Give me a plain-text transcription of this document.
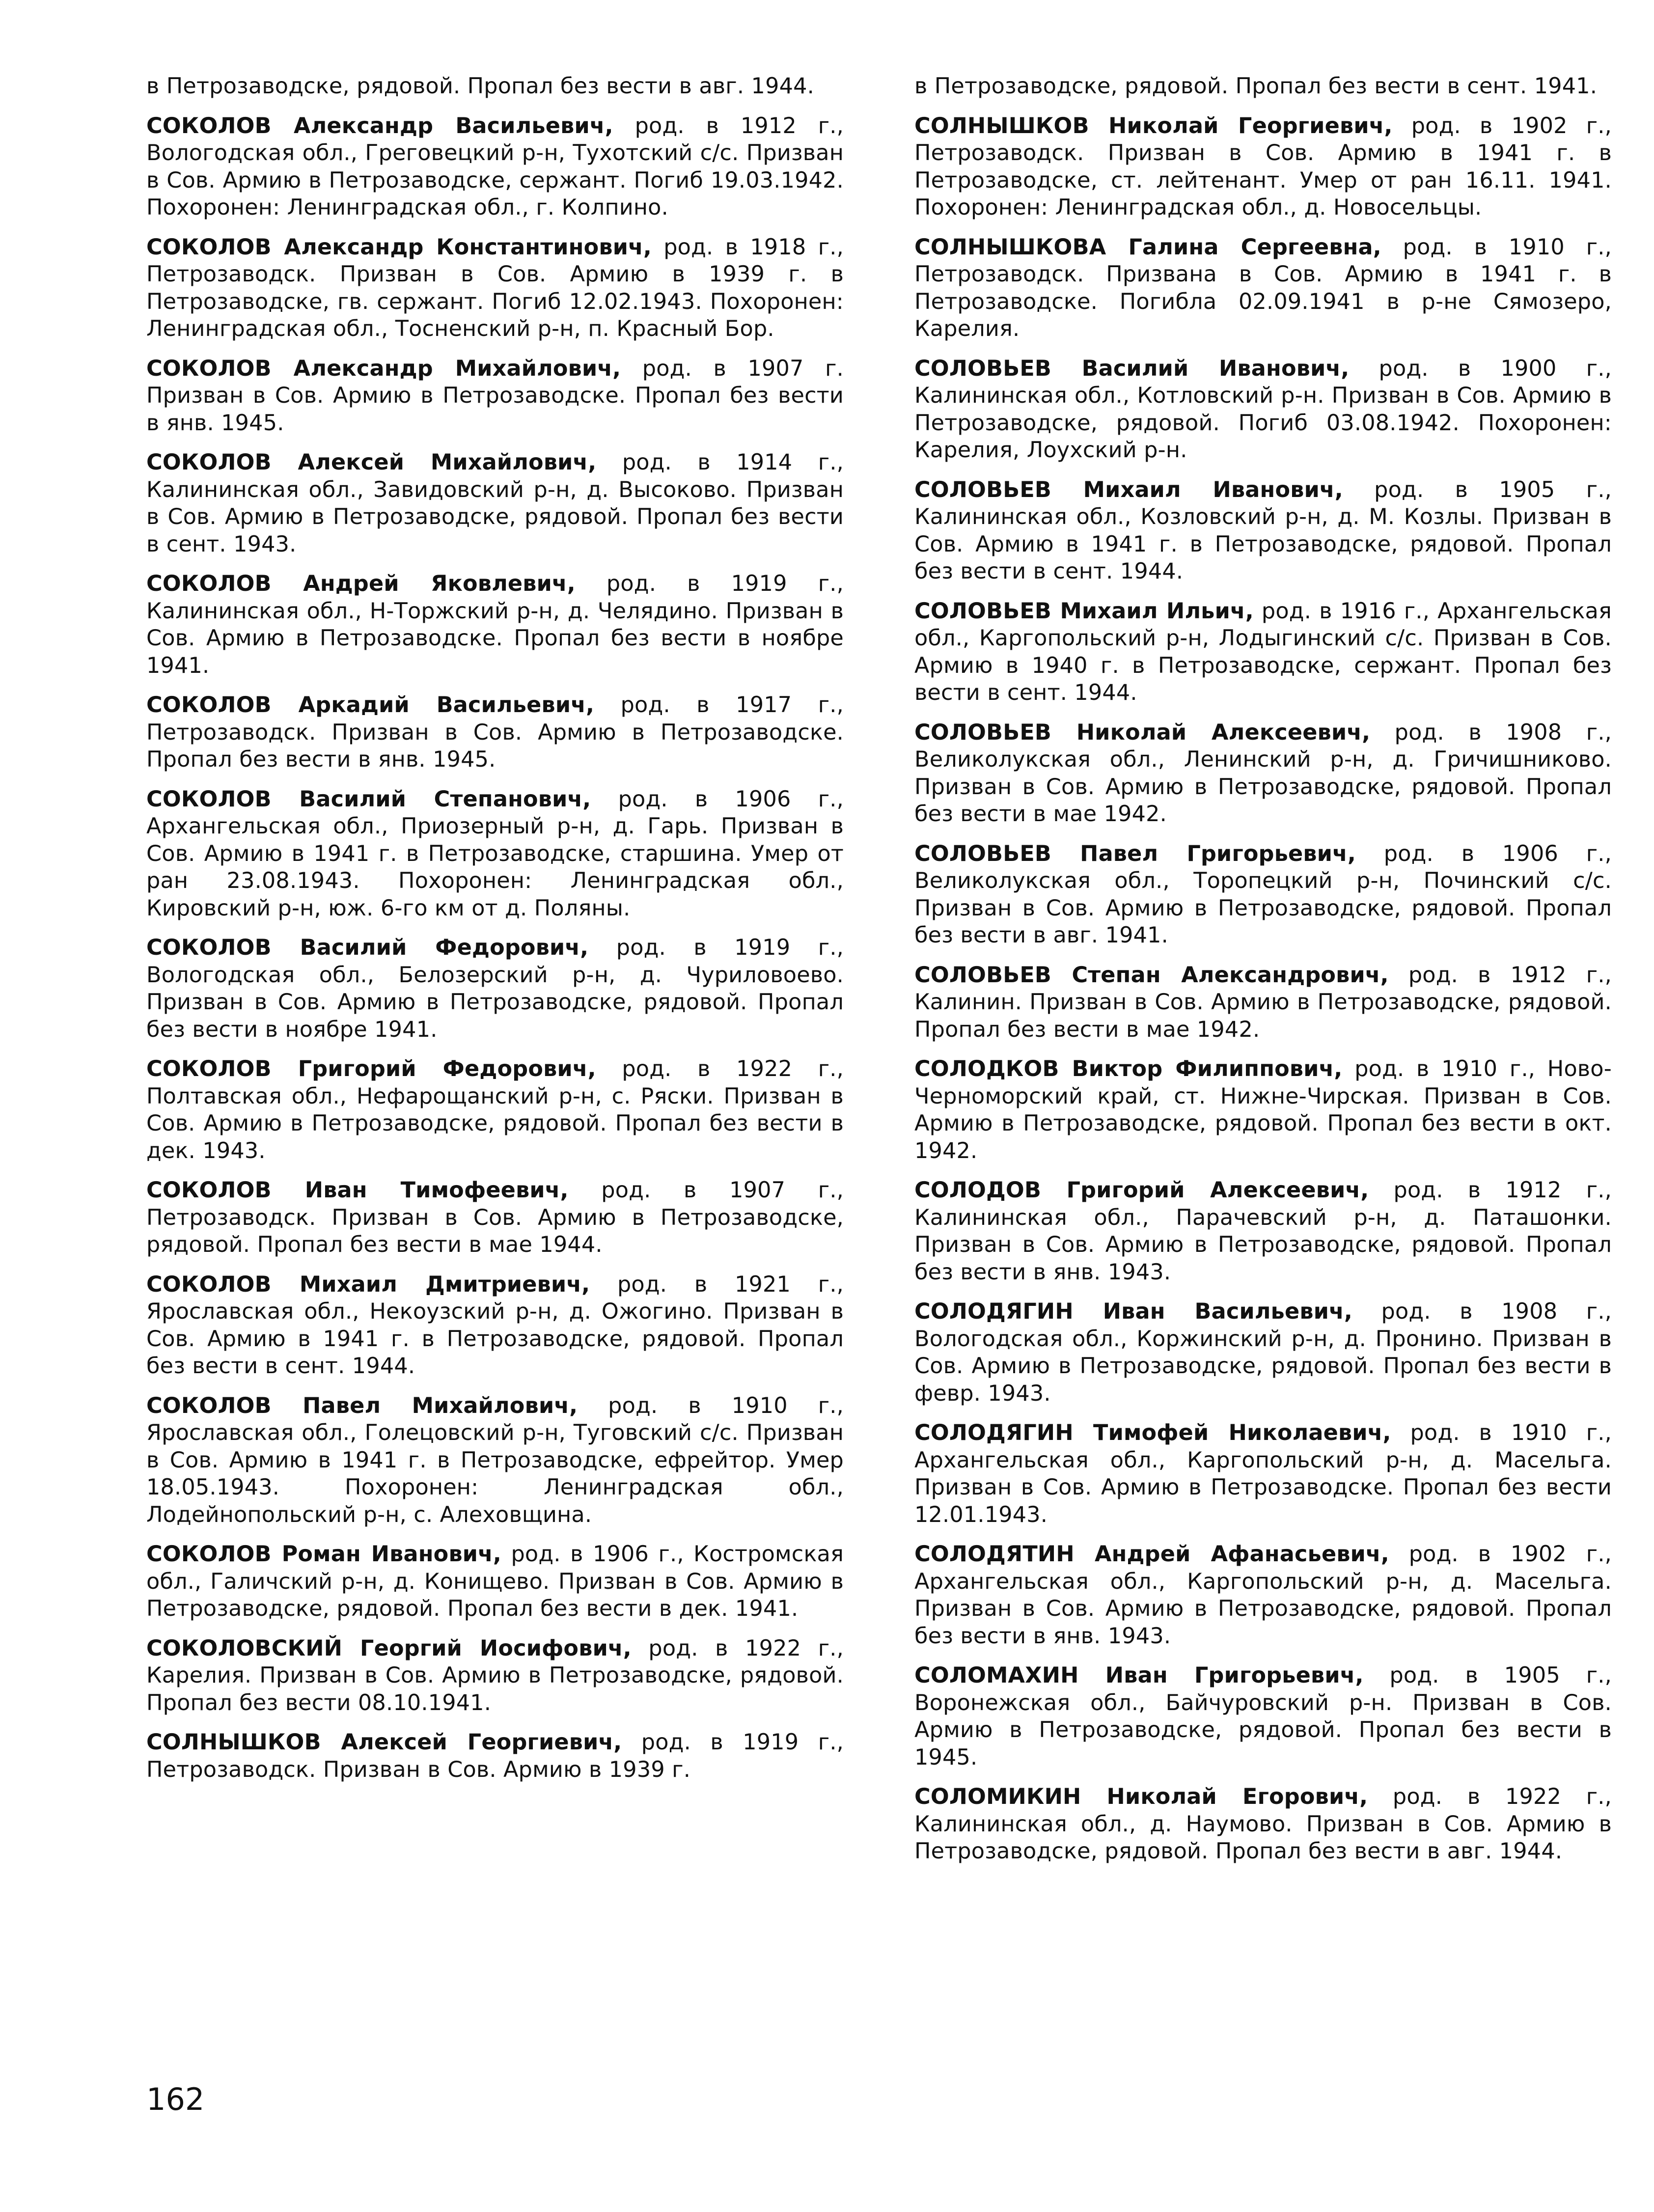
в Петрозаводске, рядовой. Пропал без вести в авг. 1944.

СОКОЛОВ Александр Васильевич, род. в 1912 г., Вологодская обл., Греговецкий р-н, Тухотский с/с. Призван в Сов. Армию в Петрозаводске, сержант. Погиб 19.03.1942. Похоронен: Ленинградская обл., г. Колпино.

СОКОЛОВ Александр Константинович, род. в 1918 г., Петрозаводск. Призван в Сов. Армию в 1939 г. в Петрозаводске, гв. сержант. Погиб 12.02.1943. Похоронен: Ленинградская обл., Тосненский р-н, п. Красный Бор.

СОКОЛОВ Александр Михайлович, род. в 1907 г. Призван в Сов. Армию в Петрозаводске. Пропал без вести в янв. 1945.

СОКОЛОВ Алексей Михайлович, род. в 1914 г., Калининская обл., Завидовский р-н, д. Высоково. Призван в Сов. Армию в Петрозаводске, рядовой. Пропал без вести в сент. 1943.

СОКОЛОВ Андрей Яковлевич, род. в 1919 г., Калининская обл., Н-Торжский р-н, д. Челядино. Призван в Сов. Армию в Петрозаводске. Пропал без вести в ноябре 1941.

СОКОЛОВ Аркадий Васильевич, род. в 1917 г., Петрозаводск. Призван в Сов. Армию в Петрозаводске. Пропал без вести в янв. 1945.

СОКОЛОВ Василий Степанович, род. в 1906 г., Архангельская обл., Приозерный р-н, д. Гарь. Призван в Сов. Армию в 1941 г. в Петрозаводске, старшина. Умер от ран 23.08.1943. Похоронен: Ленинградская обл., Кировский р-н, юж. 6-го км от д. Поляны.

СОКОЛОВ Василий Федорович, род. в 1919 г., Вологодская обл., Белозерский р-н, д. Чуриловоево. Призван в Сов. Армию в Петрозаводске, рядовой. Пропал без вести в ноябре 1941.

СОКОЛОВ Григорий Федорович, род. в 1922 г., Полтавская обл., Нефарощанский р-н, с. Ряски. Призван в Сов. Армию в Петрозаводске, рядовой. Пропал без вести в дек. 1943.

СОКОЛОВ Иван Тимофеевич, род. в 1907 г., Петрозаводск. Призван в Сов. Армию в Петрозаводске, рядовой. Пропал без вести в мае 1944.

СОКОЛОВ Михаил Дмитриевич, род. в 1921 г., Ярославская обл., Некоузский р-н, д. Ожогино. Призван в Сов. Армию в 1941 г. в Петрозаводске, рядовой. Пропал без вести в сент. 1944.

СОКОЛОВ Павел Михайлович, род. в 1910 г., Ярославская обл., Голецовский р-н, Туговский с/с. Призван в Сов. Армию в 1941 г. в Петрозаводске, ефрейтор. Умер 18.05.1943. Похоронен: Ленинградская обл., Лодейнопольский р-н, с. Алеховщина.

СОКОЛОВ Роман Иванович, род. в 1906 г., Костромская обл., Галичский р-н, д. Конищево. Призван в Сов. Армию в Петрозаводске, рядовой. Пропал без вести в дек. 1941.

СОКОЛОВСКИЙ Георгий Иосифович, род. в 1922 г., Карелия. Призван в Сов. Армию в Петрозаводске, рядовой. Пропал без вести 08.10.1941.

СОЛНЫШКОВ Алексей Георгиевич, род. в 1919 г., Петрозаводск. Призван в Сов. Армию в 1939 г.

в Петрозаводске, рядовой. Пропал без вести в сент. 1941.

СОЛНЫШКОВ Николай Георгиевич, род. в 1902 г., Петрозаводск. Призван в Сов. Армию в 1941 г. в Петрозаводске, ст. лейтенант. Умер от ран 16.11. 1941. Похоронен: Ленинградская обл., д. Новосельцы.

СОЛНЫШКОВА Галина Сергеевна, род. в 1910 г., Петрозаводск. Призвана в Сов. Армию в 1941 г. в Петрозаводске. Погибла 02.09.1941 в р-не Сямозеро, Карелия.

СОЛОВЬЕВ Василий Иванович, род. в 1900 г., Калининская обл., Котловский р-н. Призван в Сов. Армию в Петрозаводске, рядовой. Погиб 03.08.1942. Похоронен: Карелия, Лоухский р-н.

СОЛОВЬЕВ Михаил Иванович, род. в 1905 г., Калининская обл., Козловский р-н, д. М. Козлы. Призван в Сов. Армию в 1941 г. в Петрозаводске, рядовой. Пропал без вести в сент. 1944.

СОЛОВЬЕВ Михаил Ильич, род. в 1916 г., Архангельская обл., Каргопольский р-н, Лодыгинский с/с. Призван в Сов. Армию в 1940 г. в Петрозаводске, сержант. Пропал без вести в сент. 1944.

СОЛОВЬЕВ Николай Алексеевич, род. в 1908 г., Великолукская обл., Ленинский р-н, д. Гричишниково. Призван в Сов. Армию в Петрозаводске, рядовой. Пропал без вести в мае 1942.

СОЛОВЬЕВ Павел Григорьевич, род. в 1906 г., Великолукская обл., Торопецкий р-н, Починский с/с. Призван в Сов. Армию в Петрозаводске, рядовой. Пропал без вести в авг. 1941.

СОЛОВЬЕВ Степан Александрович, род. в 1912 г., Калинин. Призван в Сов. Армию в Петрозаводске, рядовой. Пропал без вести в мае 1942.

СОЛОДКОВ Виктор Филиппович, род. в 1910 г., Ново-Черноморский край, ст. Нижне-Чирская. Призван в Сов. Армию в Петрозаводске, рядовой. Пропал без вести в окт. 1942.

СОЛОДОВ Григорий Алексеевич, род. в 1912 г., Калининская обл., Парачевский р-н, д. Паташонки. Призван в Сов. Армию в Петрозаводске, рядовой. Пропал без вести в янв. 1943.

СОЛОДЯГИН Иван Васильевич, род. в 1908 г., Вологодская обл., Коржинский р-н, д. Пронино. Призван в Сов. Армию в Петрозаводске, рядовой. Пропал без вести в февр. 1943.

СОЛОДЯГИН Тимофей Николаевич, род. в 1910 г., Архангельская обл., Каргопольский р-н, д. Масельга. Призван в Сов. Армию в Петрозаводске. Пропал без вести 12.01.1943.

СОЛОДЯТИН Андрей Афанасьевич, род. в 1902 г., Архангельская обл., Каргопольский р-н, д. Масельга. Призван в Сов. Армию в Петрозаводске, рядовой. Пропал без вести в янв. 1943.

СОЛОМАХИН Иван Григорьевич, род. в 1905 г., Воронежская обл., Байчуровский р-н. Призван в Сов. Армию в Петрозаводске, рядовой. Пропал без вести в 1945.

СОЛОМИКИН Николай Егорович, род. в 1922 г., Калининская обл., д. Наумово. Призван в Сов. Армию в Петрозаводске, рядовой. Пропал без вести в авг. 1944.

162
